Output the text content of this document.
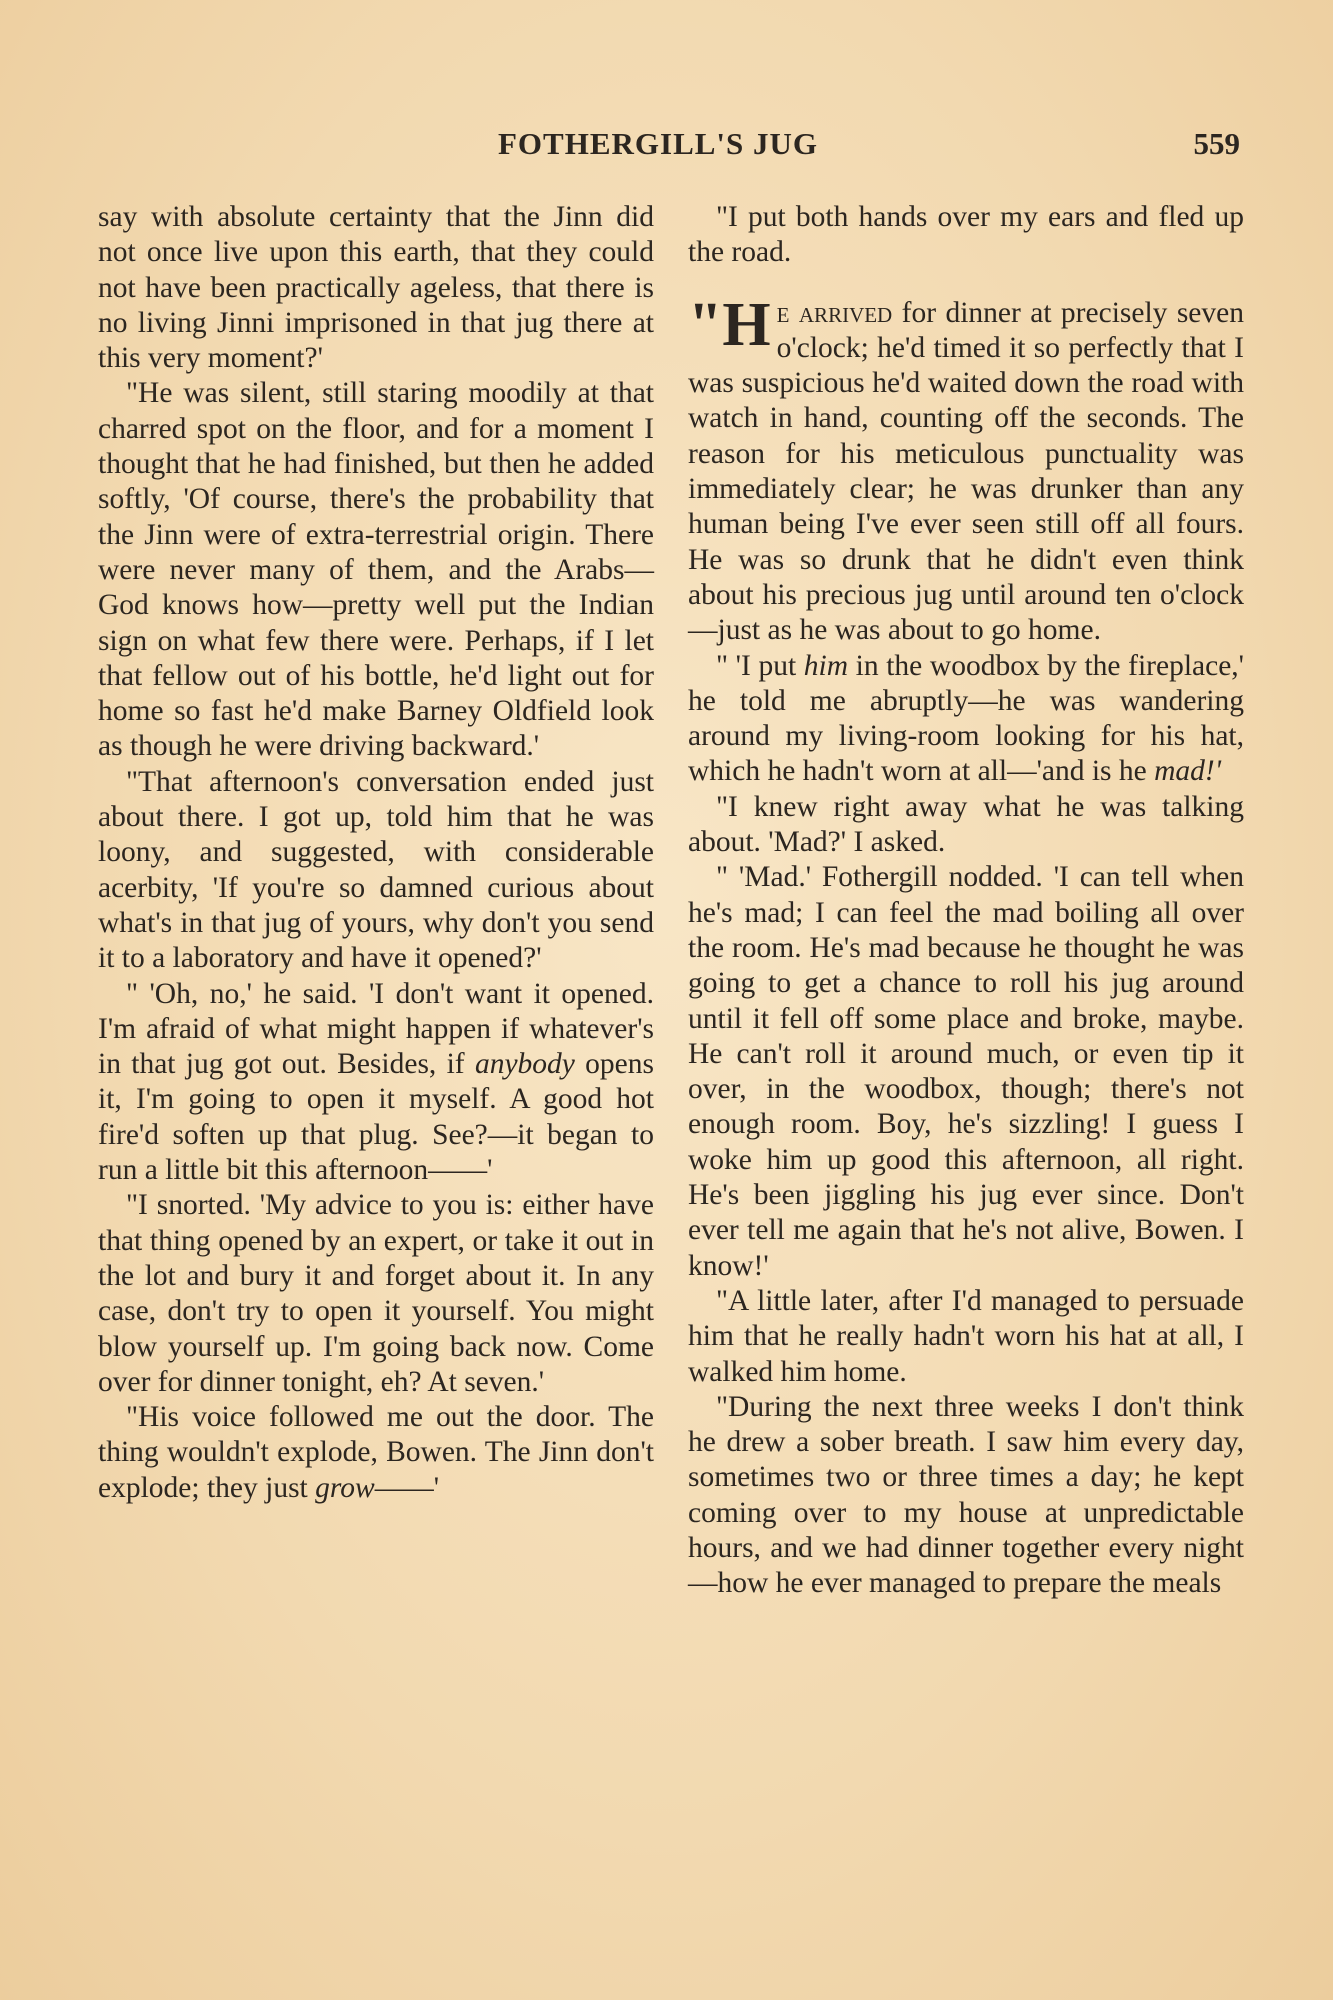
FOTHERGILL'S JUG	559

say with absolute certainty that the Jinn did not once live upon this earth, that they could not have been practically ageless, that there is no living Jinni imprisoned in that jug there at this very moment?'

"He was silent, still staring moodily at that charred spot on the floor, and for a moment I thought that he had finished, but then he added softly, 'Of course, there's the probability that the Jinn were of extra-terrestrial origin. There were never many of them, and the Arabs—God knows how—pretty well put the Indian sign on what few there were. Perhaps, if I let that fellow out of his bottle, he'd light out for home so fast he'd make Barney Oldfield look as though he were driving backward.'

"That afternoon's conversation ended just about there. I got up, told him that he was loony, and suggested, with considerable acerbity, 'If you're so damned curious about what's in that jug of yours, why don't you send it to a laboratory and have it opened?'

" 'Oh, no,' he said. 'I don't want it opened. I'm afraid of what might happen if whatever's in that jug got out. Besides, if anybody opens it, I'm going to open it myself. A good hot fire'd soften up that plug. See?—it began to run a little bit this afternoon——'

"I snorted. 'My advice to you is: either have that thing opened by an expert, or take it out in the lot and bury it and forget about it. In any case, don't try to open it yourself. You might blow yourself up. I'm going back now. Come over for dinner tonight, eh? At seven.'

"His voice followed me out the door. The thing wouldn't explode, Bowen. The Jinn don't explode; they just grow——'

"I put both hands over my ears and fled up the road.

"H e arrived for dinner at precisely seven o'clock; he'd timed it so perfectly that I was suspicious he'd waited down the road with watch in hand, counting off the seconds. The reason for his meticulous punctuality was immediately clear; he was drunker than any human being I've ever seen still off all fours. He was so drunk that he didn't even think about his precious jug until around ten o'clock—just as he was about to go home.

" 'I put him in the woodbox by the fireplace,' he told me abruptly—he was wandering around my living-room looking for his hat, which he hadn't worn at all—'and is he mad!'

"I knew right away what he was talking about. 'Mad?' I asked.

" 'Mad.' Fothergill nodded. 'I can tell when he's mad; I can feel the mad boiling all over the room. He's mad because he thought he was going to get a chance to roll his jug around until it fell off some place and broke, maybe. He can't roll it around much, or even tip it over, in the woodbox, though; there's not enough room. Boy, he's sizzling! I guess I woke him up good this afternoon, all right. He's been jiggling his jug ever since. Don't ever tell me again that he's not alive, Bowen. I know!'

"A little later, after I'd managed to persuade him that he really hadn't worn his hat at all, I walked him home.

"During the next three weeks I don't think he drew a sober breath. I saw him every day, sometimes two or three times a day; he kept coming over to my house at unpredictable hours, and we had dinner together every night—how he ever managed to prepare the meals
